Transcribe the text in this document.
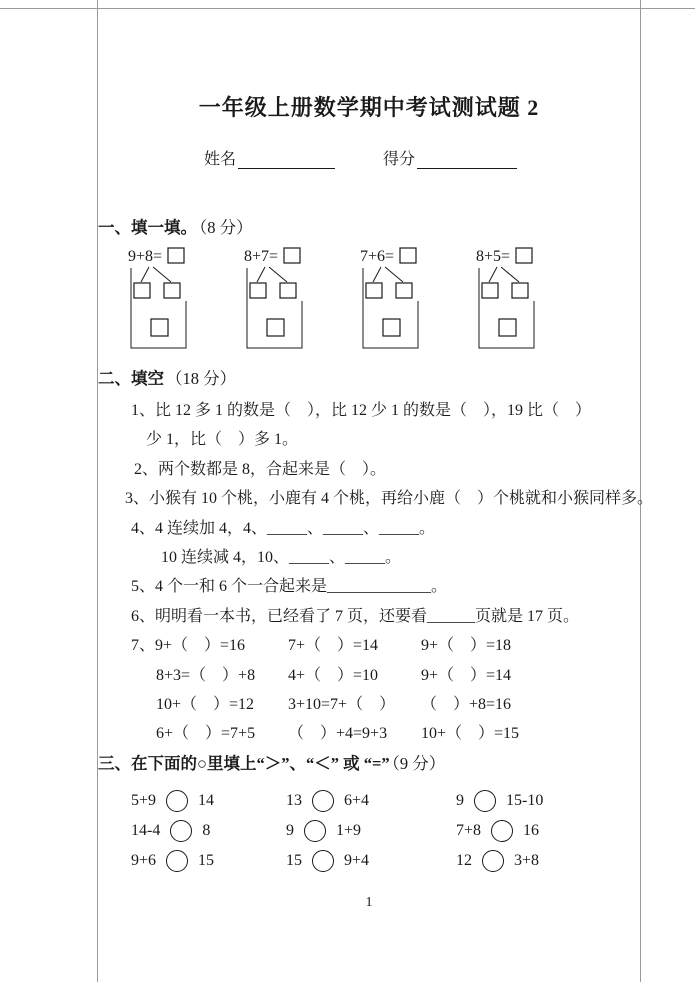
一年级上册数学期中考试测试题 2
姓名	得分
一、填一填。 （8 分）
9+8=	8+7=	7+6=	8+5=
二、填空 （18 分）
1、比 12 多 1 的数是（　），比 12 少 1 的数是（　），19 比（　）
少 1，比（　）多 1。
2、两个数都是 8，合起来是（　）。
3、小猴有 10 个桃，小鹿有 4 个桃，再给小鹿（　）个桃就和小猴同样多。
4、4 连续加 4，4、_____、_____、_____。
10 连续减 4，10、_____、_____。
5、4 个一和 6 个一合起来是_____________。
6、明明看一本书，已经看了 7 页，还要看______页就是 17 页。
7、9+（　）=16	7+（　）=14	9+（　）=18
8+3=（　）+8	4+（　）=10	9+（　）=14
10+（　）=12	3+10=7+（　）	（　）+8=16
6+（　）=7+5	（　）+4=9+3	10+（　）=15
三、在下面的○里填上“＞”、“＜” 或 “=” （9 分）
5+9	14	13	6+4	9	15-10
14-4	8	9	1+9	7+8	16
9+6	15	15	9+4	12	3+8
1
